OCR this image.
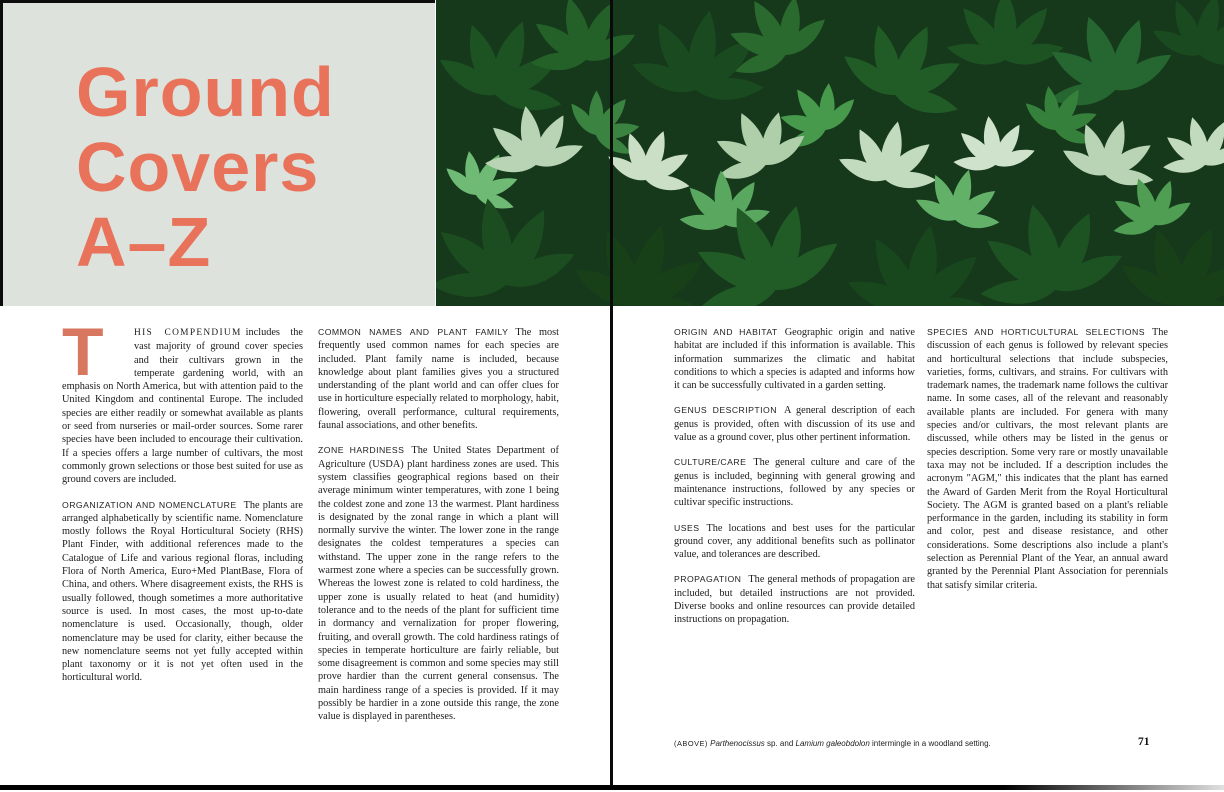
Ground
Covers
A–Z

T	HIS COMPENDIUM includes the vast majority of ground cover species and their cultivars grown in the temperate gardening world, with an emphasis on North America, but with attention paid to the United Kingdom and continental Europe. The included species are either readily or somewhat available as plants or seed from nurseries or mail-order sources. Some rarer species have been included to encourage their cultivation. If a species offers a large number of cultivars, the most commonly grown selections or those best suited for use as ground covers are included.

ORGANIZATION AND NOMENCLATURE The plants are arranged alphabetically by scientific name. Nomenclature mostly follows the Royal Horticultural Society (RHS) Plant Finder, with additional references made to the Catalogue of Life and various regional floras, including Flora of North America, Euro+Med PlantBase, Flora of China, and others. Where disagreement exists, the RHS is usually followed, though sometimes a more authoritative source is used. In most cases, the most up-to-date nomenclature is used. Occasionally, though, older nomenclature may be used for clarity, either because the new nomenclature seems not yet fully accepted within plant taxonomy or it is not yet often used in the horticultural world.

COMMON NAMES AND PLANT FAMILY The most frequently used common names for each species are included. Plant family name is included, because knowledge about plant families gives you a structured understanding of the plant world and can offer clues for use in horticulture especially related to morphology, habit, flowering, overall performance, cultural requirements, faunal associations, and other benefits.

ZONE HARDINESS The United States Department of Agriculture (USDA) plant hardiness zones are used. This system classifies geographical regions based on their average minimum winter temperatures, with zone 1 being the coldest zone and zone 13 the warmest. Plant hardiness is designated by the zonal range in which a plant will normally survive the winter. The lower zone in the range designates the coldest temperatures a species can withstand. The upper zone in the range refers to the warmest zone where a species can be successfully grown. Whereas the lowest zone is related to cold hardiness, the upper zone is usually related to heat (and humidity) tolerance and to the needs of the plant for sufficient time in dormancy and vernalization for proper flowering, fruiting, and overall growth. The cold hardiness ratings of species in temperate horticulture are fairly reliable, but some disagreement is common and some species may still prove hardier than the current general consensus. The main hardiness range of a species is provided. If it may possibly be hardier in a zone outside this range, the zone value is displayed in parentheses.

ORIGIN AND HABITAT Geographic origin and native habitat are included if this information is available. This information summarizes the climatic and habitat conditions to which a species is adapted and informs how it can be successfully cultivated in a garden setting.

GENUS DESCRIPTION A general description of each genus is provided, often with discussion of its use and value as a ground cover, plus other pertinent information.

CULTURE/CARE The general culture and care of the genus is included, beginning with general growing and maintenance instructions, followed by any species or cultivar specific instructions.

USES The locations and best uses for the particular ground cover, any additional benefits such as pollinator value, and tolerances are described.

PROPAGATION The general methods of propagation are included, but detailed instructions are not provided. Diverse books and online resources can provide detailed instructions on propagation.

SPECIES AND HORTICULTURAL SELECTIONS The discussion of each genus is followed by relevant species and horticultural selections that include subspecies, varieties, forms, cultivars, and strains. For cultivars with trademark names, the trademark name follows the cultivar name. In some cases, all of the relevant and reasonably available plants are included. For genera with many species and/or cultivars, the most relevant plants are discussed, while others may be listed in the genus or species description. Some very rare or mostly unavailable taxa may not be included. If a description includes the acronym "AGM," this indicates that the plant has earned the Award of Garden Merit from the Royal Horticultural Society. The AGM is granted based on a plant's reliable performance in the garden, including its stability in form and color, pest and disease resistance, and other considerations. Some descriptions also include a plant's selection as Perennial Plant of the Year, an annual award granted by the Perennial Plant Association for perennials that satisfy similar criteria.

(ABOVE) Parthenocissus sp. and Lamium galeobdolon intermingle in a woodland setting.	71
